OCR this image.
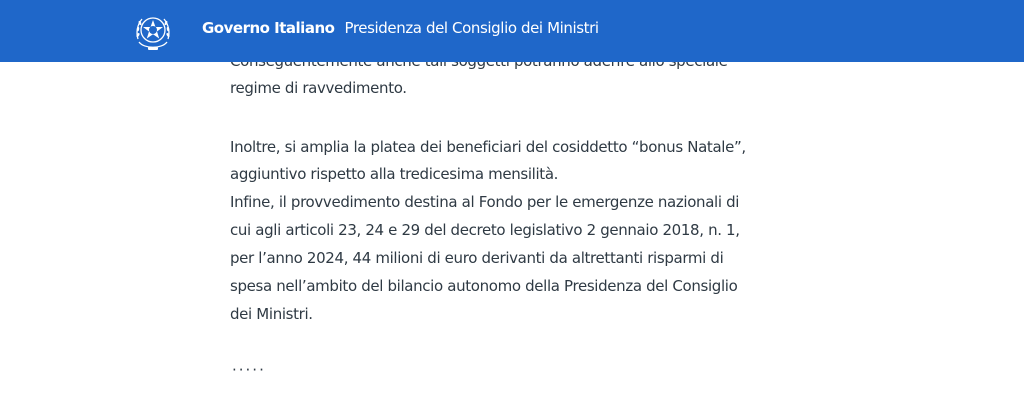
regime di ravvedimento.
Inoltre, si amplia la platea dei beneficiari del cosiddetto “bonus Natale”,
aggiuntivo rispetto alla tredicesima mensilità.
Infine, il provvedimento destina al Fondo per le emergenze nazionali di
cui agli articoli 23, 24 e 29 del decreto legislativo 2 gennaio 2018, n. 1,
per l’anno 2024, 44 milioni di euro derivanti da altrettanti risparmi di
spesa nell’ambito del bilancio autonomo della Presidenza del Consiglio
dei Ministri.
·····
Governo Italiano Presidenza del Consiglio dei Ministri
